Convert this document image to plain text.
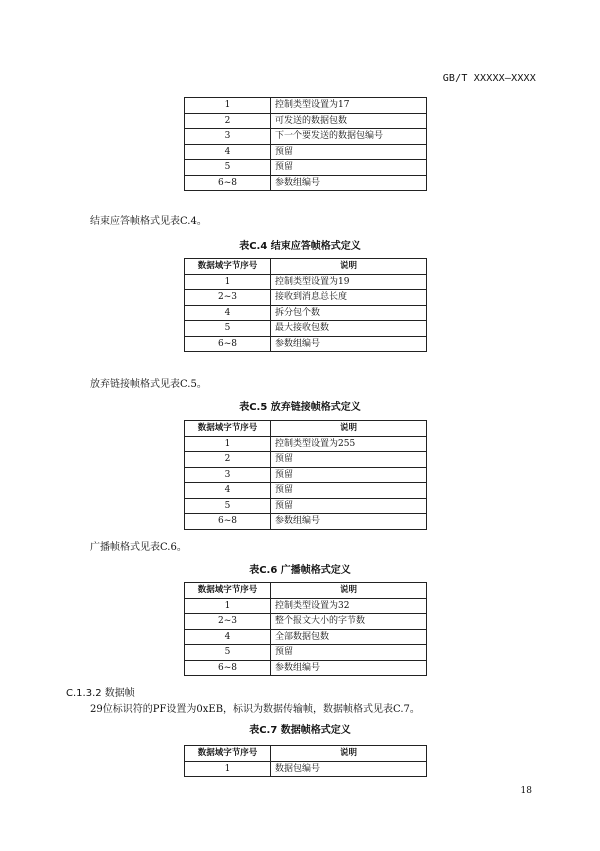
GB/T XXXXX—XXXX
1	控制类型设置为17
2	可发送的数据包数
3	下一个要发送的数据包编号
4	预留
5	预留
6~8	参数组编号
结束应答帧格式见表C.4。
表C.4 结束应答帧格式定义
数据域字节序号	说明
1	控制类型设置为19
2~3	接收到消息总长度
4	拆分包个数
5	最大接收包数
6~8	参数组编号
放弃链接帧格式见表C.5。
表C.5 放弃链接帧格式定义
数据域字节序号	说明
1	控制类型设置为255
2	预留
3	预留
4	预留
5	预留
6~8	参数组编号
广播帧格式见表C.6。
表C.6 广播帧格式定义
数据域字节序号	说明
1	控制类型设置为32
2~3	整个报文大小的字节数
4	全部数据包数
5	预留
6~8	参数组编号
C.1.3.2 数据帧
29位标识符的PF设置为0xEB，标识为数据传输帧，数据帧格式见表C.7。
表C.7 数据帧格式定义
数据域字节序号	说明
1	数据包编号
18
